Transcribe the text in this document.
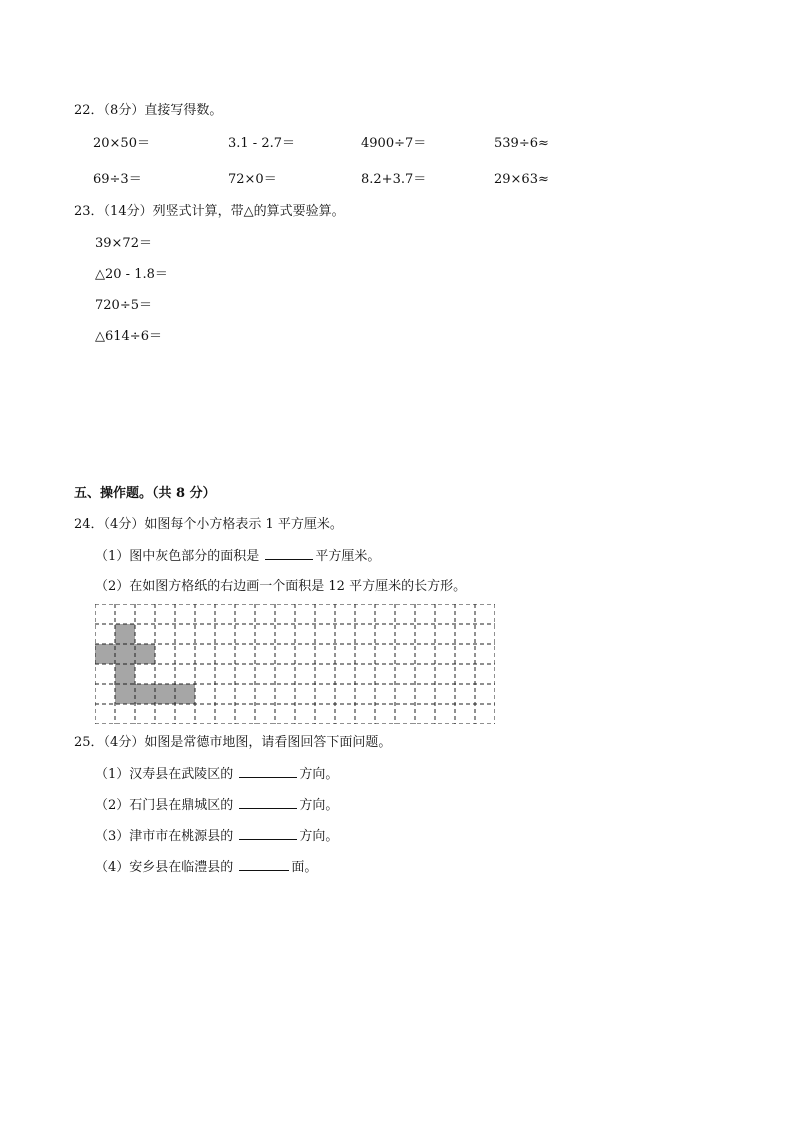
22．（8分）直接写得数。
20×50＝	3.1 - 2.7＝	4900÷7＝	539÷6≈
69÷3＝	72×0＝	8.2+3.7＝	29×63≈
23．（14分）列竖式计算，带△的算式要验算。
39×72＝
△20 - 1.8＝
720÷5＝
△614÷6＝
五、操作题。（共 8 分）
24．（4分）如图每个小方格表示 1 平方厘米。
（1）图中灰色部分的面积是	平方厘米。
（2）在如图方格纸的右边画一个面积是 12 平方厘米的长方形。
25．（4分）如图是常德市地图，请看图回答下面问题。
（1）汉寿县在武陵区的	方向。
（2）石门县在鼎城区的	方向。
（3）津市市在桃源县的	方向。
（4）安乡县在临澧县的	面。
